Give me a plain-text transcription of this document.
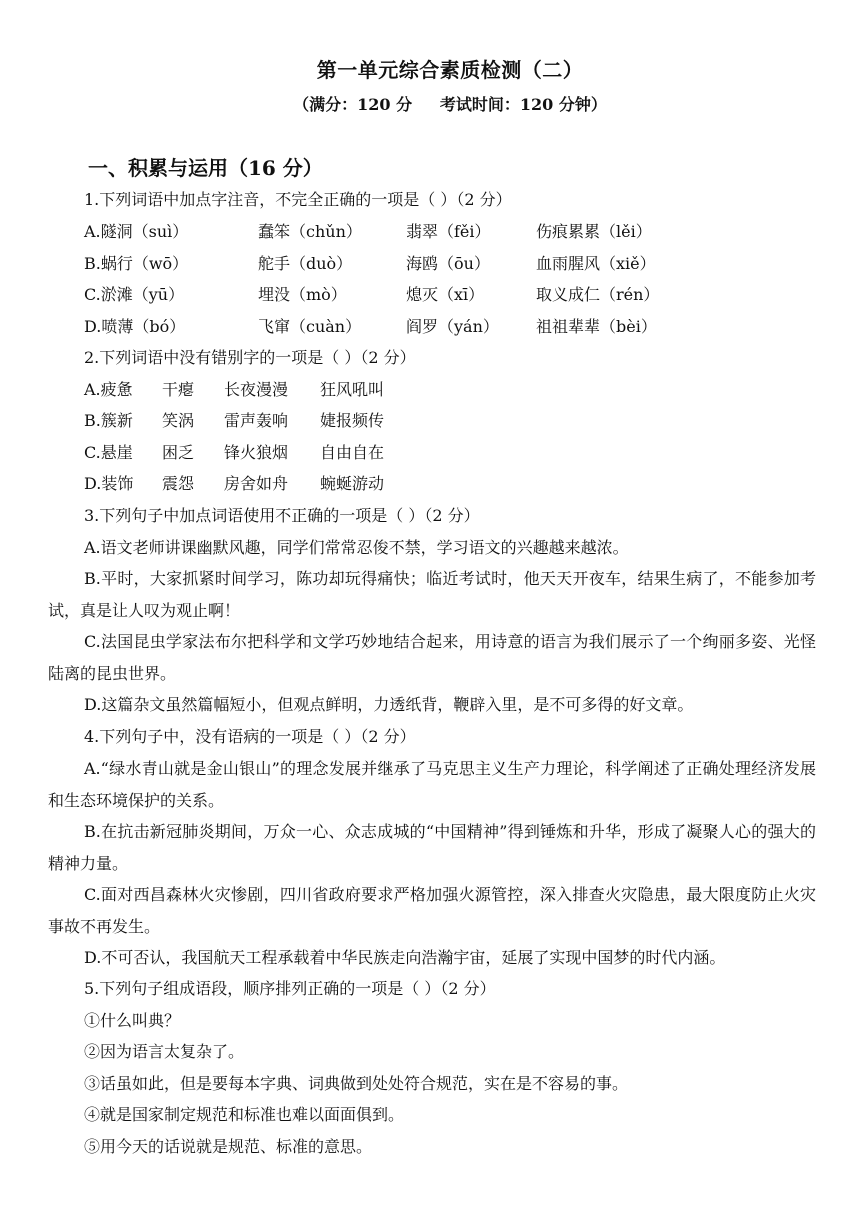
第一单元综合素质检测（二）
（满分：120 分     考试时间：120 分钟）
一、积累与运用（16 分）
1.下列词语中加点字注音，不完全正确的一项是（ ）（2 分）
A.隧洞（suì）	蠢笨（chǔn）	翡翠（fěi）	伤痕累累（lěi）
B.蜗行（wō）	舵手（duò）	海鸥（ōu）	血雨腥风（xiě）
C.淤滩（yū）	埋没（mò）	熄灭（xī）	取义成仁（rén）
D.喷薄（bó）	飞窜（cuàn）	阎罗（yán） 祖祖辈辈（bèi）
2.下列词语中没有错别字的一项是（ ）（2 分）
A.疲惫 干瘪 长夜漫漫 狂风吼叫
B.簇新 笑涡 雷声轰响 婕报频传
C.悬崖 困乏 锋火狼烟 自由自在
D.装饰 震怨 房舍如舟 蜿蜒游动
3.下列句子中加点词语使用不正确的一项是（ ）（2 分）
A.语文老师讲课幽默风趣，同学们常常忍俊不禁，学习语文的兴趣越来越浓。
B.平时，大家抓紧时间学习，陈功却玩得痛快；临近考试时，他天天开夜车，结果生病了，不能参加考试，真是让人叹为观止啊！
C.法国昆虫学家法布尔把科学和文学巧妙地结合起来，用诗意的语言为我们展示了一个绚丽多姿、光怪陆离的昆虫世界。
D.这篇杂文虽然篇幅短小，但观点鲜明，力透纸背，鞭辟入里，是不可多得的好文章。
4.下列句子中，没有语病的一项是（ ）（2 分）
A.“绿水青山就是金山银山”的理念发展并继承了马克思主义生产力理论，科学阐述了正确处理经济发展和生态环境保护的关系。
B.在抗击新冠肺炎期间，万众一心、众志成城的“中国精神”得到锤炼和升华，形成了凝聚人心的强大的精神力量。
C.面对西昌森林火灾惨剧，四川省政府要求严格加强火源管控，深入排查火灾隐患，最大限度防止火灾事故不再发生。
D.不可否认，我国航天工程承载着中华民族走向浩瀚宇宙，延展了实现中国梦的时代内涵。
5.下列句子组成语段，顺序排列正确的一项是（ ）（2 分）
①什么叫典？
②因为语言太复杂了。
③话虽如此，但是要每本字典、词典做到处处符合规范，实在是不容易的事。
④就是国家制定规范和标准也难以面面俱到。
⑤用今天的话说就是规范、标准的意思。
